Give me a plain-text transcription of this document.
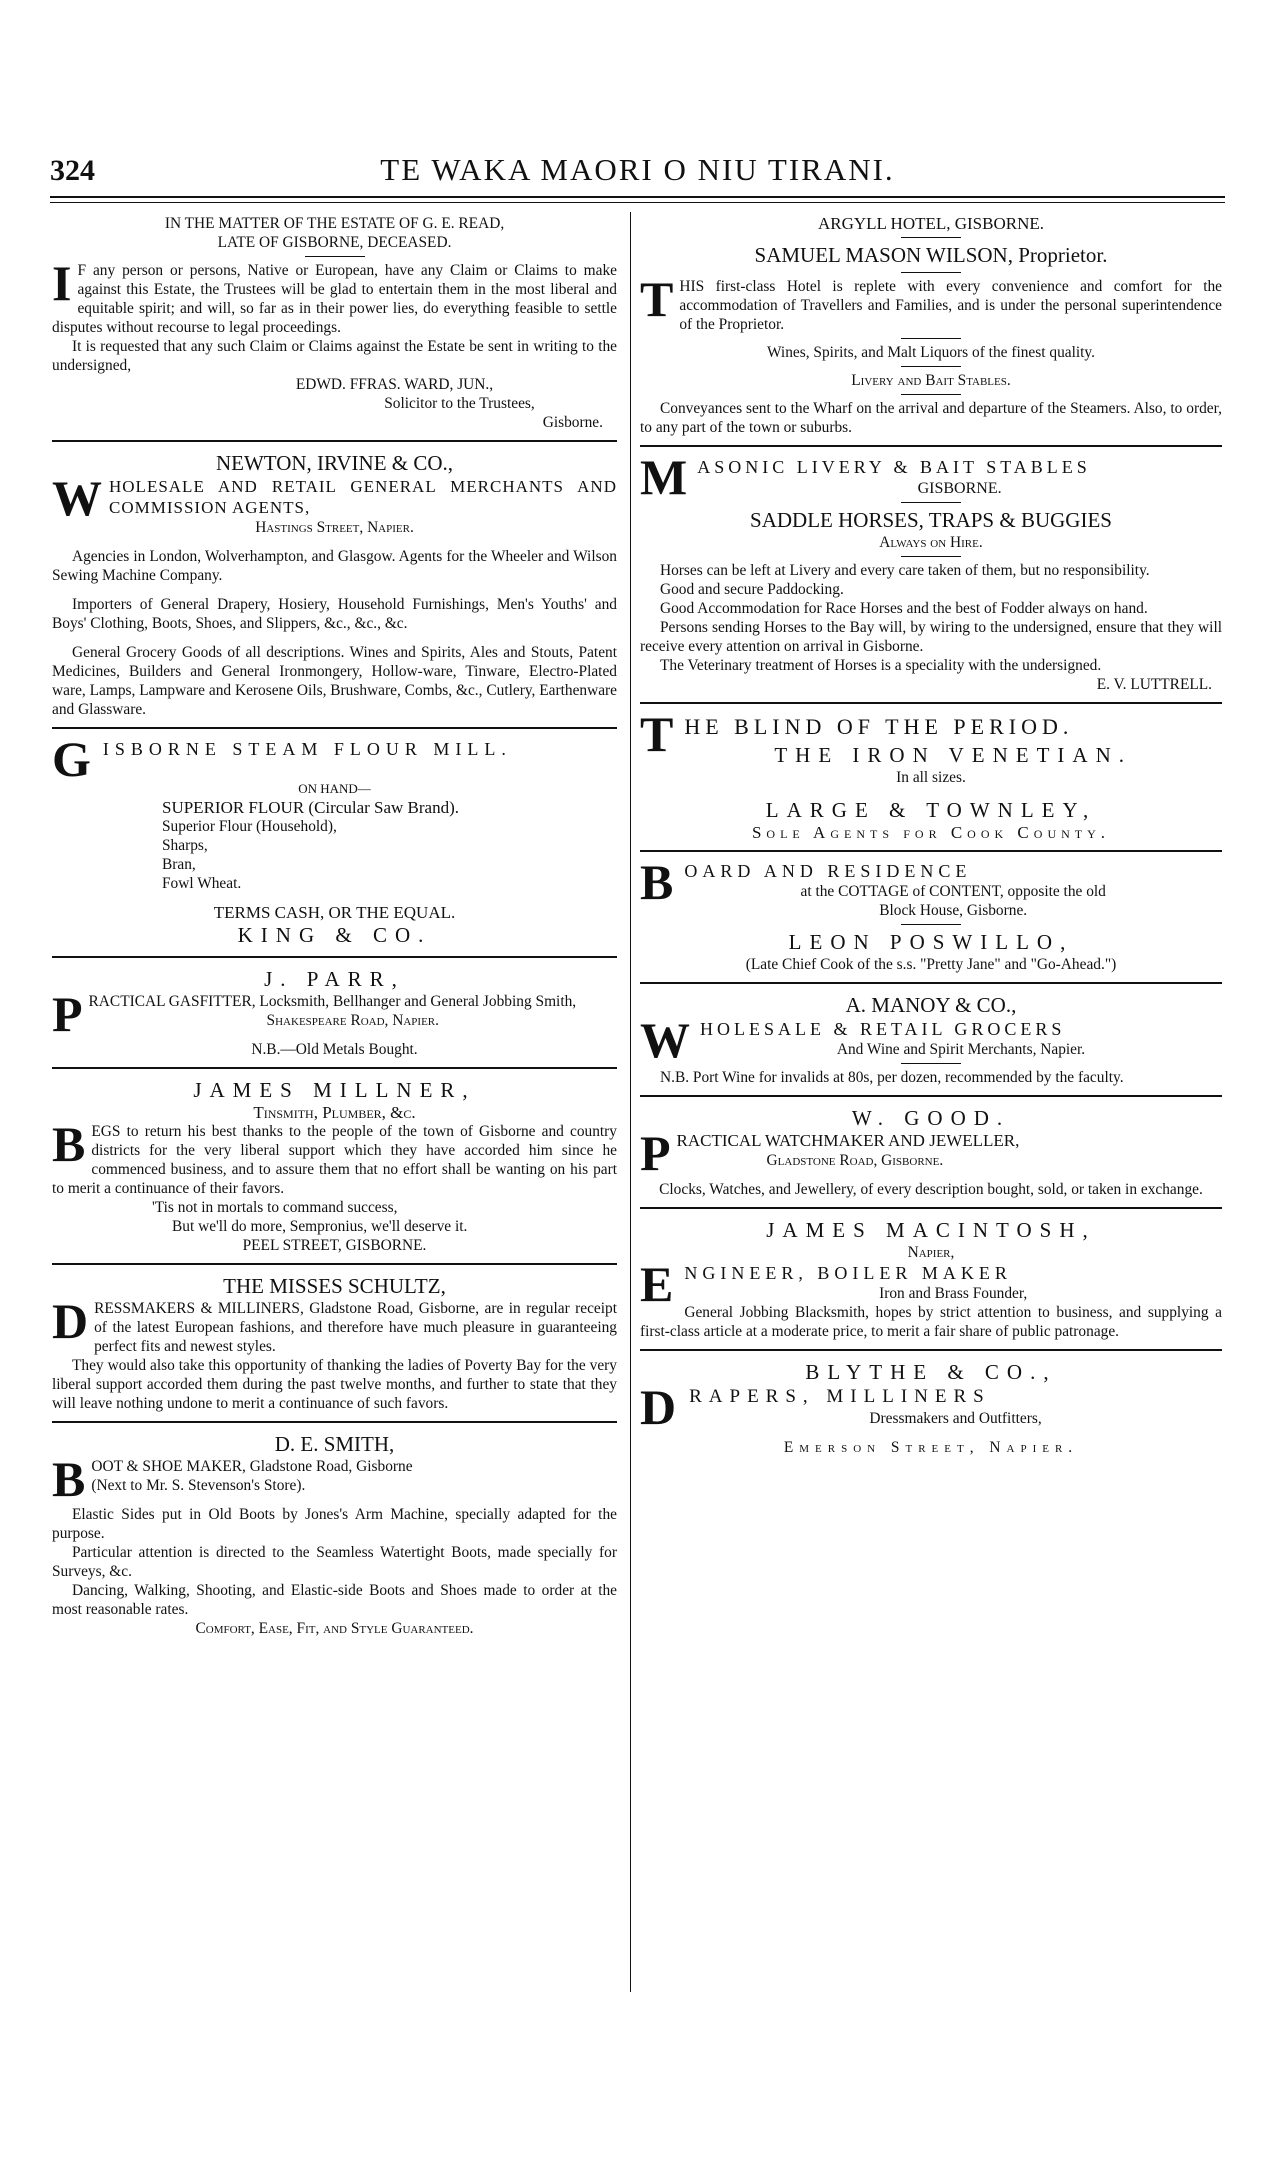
324	TE WAKA MAORI O NIU TIRANI.

IN THE MATTER OF THE ESTATE OF G. E. READ,

LATE OF GISBORNE, DECEASED.

I F any person or persons, Native or European, have any Claim or Claims to make against this Estate, the Trustees will be glad to entertain them in the most liberal and equitable spirit; and will, so far as in their power lies, do everything feasible to settle disputes without recourse to legal proceedings.

It is requested that any such Claim or Claims against the Estate be sent in writing to the undersigned,

EDWD. FFRAS. WARD, JUN.,

Solicitor to the Trustees,

Gisborne.

NEWTON, IRVINE & CO.,

WHOLESALE AND RETAIL GENERAL MERCHANTS AND COMMISSION AGENTS,

Hastings Street, Napier.

Agencies in London, Wolverhampton, and Glasgow. Agents for the Wheeler and Wilson Sewing Machine Company.

Importers of General Drapery, Hosiery, Household Furnishings, Men's Youths' and Boys' Clothing, Boots, Shoes, and Slippers, &c., &c., &c.

General Grocery Goods of all descriptions. Wines and Spirits, Ales and Stouts, Patent Medicines, Builders and General Ironmongery, Hollow-ware, Tinware, Electro-Plated ware, Lamps, Lampware and Kerosene Oils, Brushware, Combs, &c., Cutlery, Earthenware and Glassware.

GISBORNE STEAM FLOUR MILL.

ON HAND—

SUPERIOR FLOUR (Circular Saw Brand).

Superior Flour (Household),

Sharps,

Bran,

Fowl Wheat.

TERMS CASH, OR THE EQUAL.

KING & CO.

J. PARR,

PRACTICAL GASFITTER, Locksmith, Bellhanger and General Jobbing Smith,

Shakespeare Road, Napier.

N.B.—Old Metals Bought.

JAMES MILLNER,

Tinsmith, Plumber, &c.

BEGS to return his best thanks to the people of the town of Gisborne and country districts for the very liberal support which they have accorded him since he commenced business, and to assure them that no effort shall be wanting on his part to merit a continuance of their favors.

'Tis not in mortals to command success,

But we'll do more, Sempronius, we'll deserve it.

PEEL STREET, GISBORNE.

THE MISSES SCHULTZ,

DRESSMAKERS & MILLINERS, Gladstone Road, Gisborne, are in regular receipt of the latest European fashions, and therefore have much pleasure in guaranteeing perfect fits and newest styles.

They would also take this opportunity of thanking the ladies of Poverty Bay for the very liberal support accorded them during the past twelve months, and further to state that they will leave nothing undone to merit a continuance of such favors.

D. E. SMITH,

BOOT & SHOE MAKER, Gladstone Road, Gisborne
(Next to Mr. S. Stevenson's Store).

Elastic Sides put in Old Boots by Jones's Arm Machine, specially adapted for the purpose.

Particular attention is directed to the Seamless Watertight Boots, made specially for Surveys, &c.

Dancing, Walking, Shooting, and Elastic-side Boots and Shoes made to order at the most reasonable rates.

Comfort, Ease, Fit, and Style Guaranteed.

ARGYLL HOTEL, GISBORNE.

SAMUEL MASON WILSON, Proprietor.

THIS first-class Hotel is replete with every convenience and comfort for the accommodation of Travellers and Families, and is under the personal superintendence of the Proprietor.

Wines, Spirits, and Malt Liquors of the finest quality.

Livery and Bait Stables.

Conveyances sent to the Wharf on the arrival and departure of the Steamers. Also, to order, to any part of the town or suburbs.

MASONIC LIVERY & BAIT STABLES

GISBORNE.

SADDLE HORSES, TRAPS & BUGGIES

Always on Hire.

Horses can be left at Livery and every care taken of them, but no responsibility.

Good and secure Paddocking.

Good Accommodation for Race Horses and the best of Fodder always on hand.

Persons sending Horses to the Bay will, by wiring to the undersigned, ensure that they will receive every attention on arrival in Gisborne.

The Veterinary treatment of Horses is a speciality with the undersigned.

E. V. LUTTRELL.

THE BLIND OF THE PERIOD.

THE IRON VENETIAN.

In all sizes.

LARGE & TOWNLEY,

Sole Agents for Cook County.

BOARD AND RESIDENCE

at the COTTAGE of CONTENT, opposite the old

Block House, Gisborne.

LEON POSWILLO,

(Late Chief Cook of the s.s. "Pretty Jane" and "Go-Ahead.")

A. MANOY & CO.,

WHOLESALE & RETAIL GROCERS

And Wine and Spirit Merchants, Napier.

N.B. Port Wine for invalids at 80s, per dozen, recommended by the faculty.

W. GOOD.

PRACTICAL WATCHMAKER AND JEWELLER,
Gladstone Road, Gisborne.

Clocks, Watches, and Jewellery, of every description bought, sold, or taken in exchange.

JAMES MACINTOSH,

Napier,

ENGINEER, BOILER MAKER

Iron and Brass Founder,

General Jobbing Blacksmith, hopes by strict attention to business, and supplying a first-class article at a moderate price, to merit a fair share of public patronage.

BLYTHE & CO.,

DRAPERS, MILLINERS

Dressmakers and Outfitters,

Emerson Street, Napier.
